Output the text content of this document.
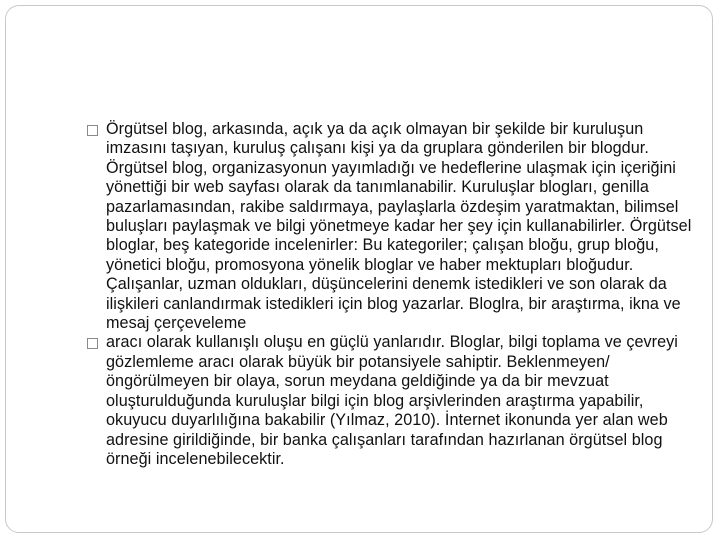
Örgütsel blog, arkasında, açık ya da açık olmayan bir şekilde bir kuruluşun imzasını taşıyan, kuruluş çalışanı kişi ya da gruplara gönderilen bir blogdur. Örgütsel blog, organizasyonun yayımladığı ve hedeflerine ulaşmak için içeriğini yönettiği bir web sayfası olarak da tanımlanabilir. Kuruluşlar blogları, genilla pazarlamasından, rakibe saldırmaya, paylaşlarla özdeşim yaratmaktan, bilimsel buluşları paylaşmak ve bilgi yönetmeye kadar her şey için kullanabilirler. Örgütsel bloglar, beş kategoride incelenirler: Bu kategoriler; çalışan bloğu, grup bloğu, yönetici bloğu, promosyona yönelik bloglar ve haber mektupları bloğudur. Çalışanlar, uzman oldukları, düşüncelerini denemk istedikleri ve son olarak da ilişkileri canlandırmak istedikleri için blog yazarlar. Bloglra, bir araştırma, ikna ve mesaj çerçeveleme
aracı olarak kullanışlı oluşu en güçlü yanlarıdır. Bloglar, bilgi toplama ve çevreyi gözlemleme aracı olarak büyük bir potansiyele sahiptir. Beklenmeyen/öngörülmeyen bir olaya, sorun meydana geldiğinde ya da bir mevzuat oluşturulduğunda kuruluşlar bilgi için blog arşivlerinden araştırma yapabilir, okuyucu duyarlılığına bakabilir (Yılmaz, 2010). İnternet ikonunda yer alan web adresine girildiğinde, bir banka çalışanları tarafından hazırlanan örgütsel blog örneği incelenebilecektir.
